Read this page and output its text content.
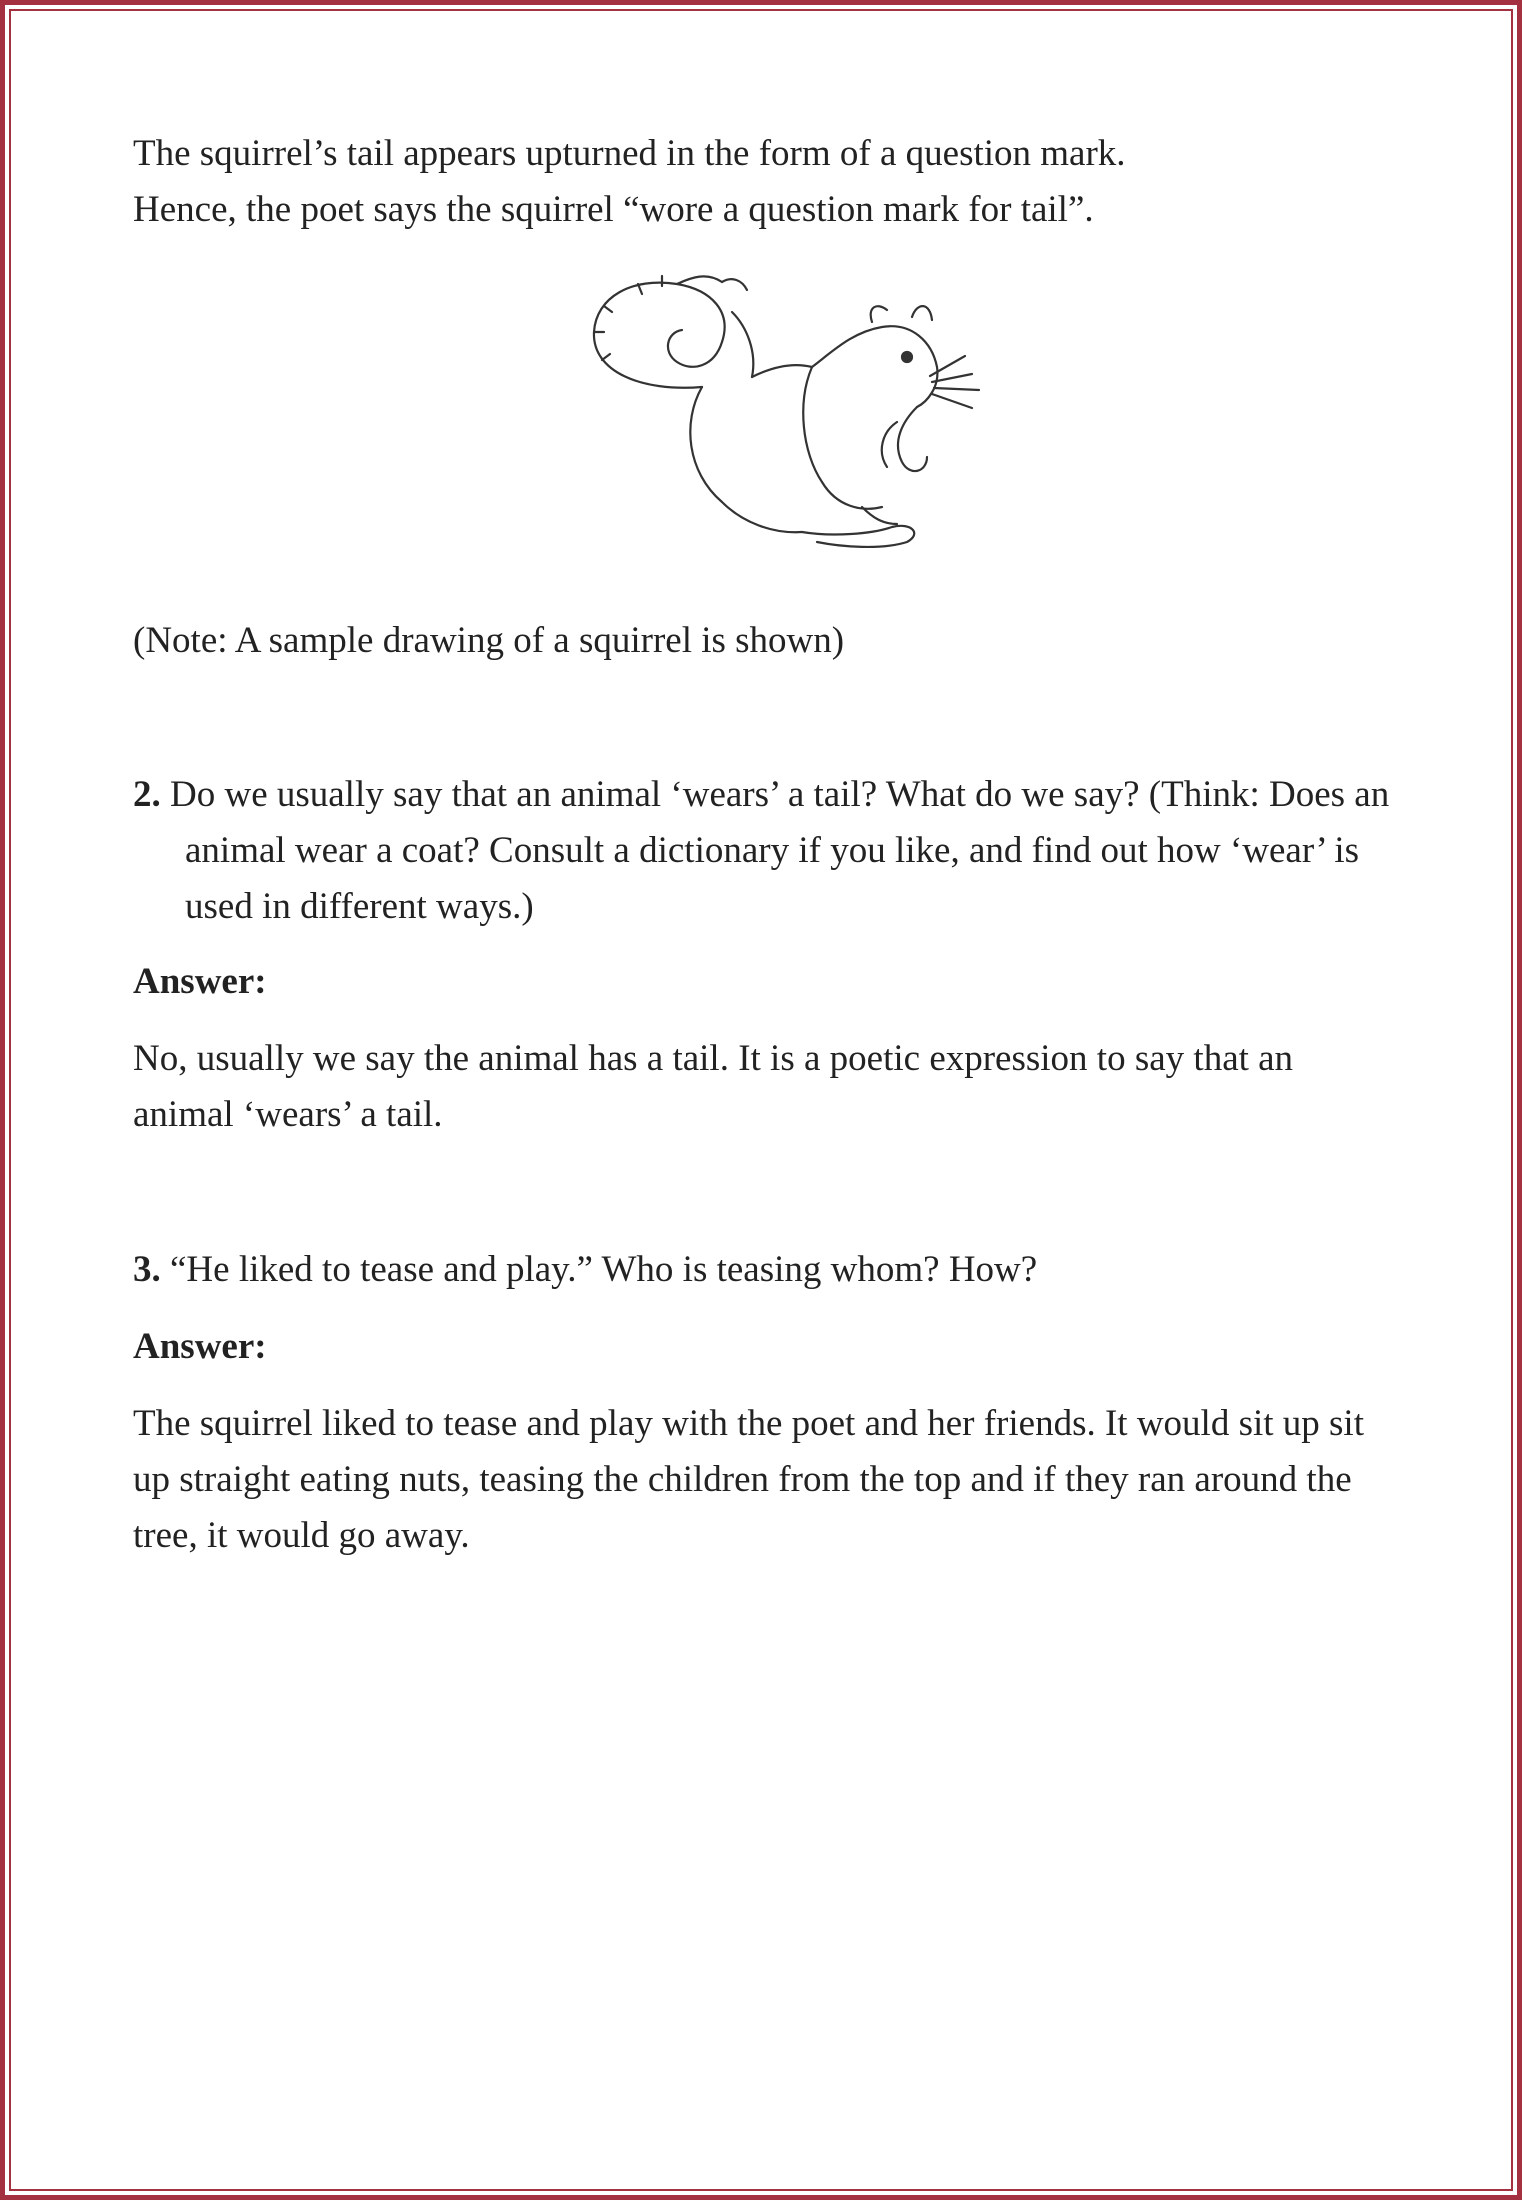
The squirrel’s tail appears upturned in the form of a question mark.
Hence, the poet says the squirrel “wore a question mark for tail”.
(Note: A sample drawing of a squirrel is shown)
2. Do we usually say that an animal ‘wears’ a tail? What do we say? (Think: Does an animal wear a coat? Consult a dictionary if you like, and find out how ‘wear’ is used in different ways.)
Answer:
No, usually we say the animal has a tail. It is a poetic expression to say that an animal ‘wears’ a tail.
3. “He liked to tease and play.” Who is teasing whom? How?
Answer:
The squirrel liked to tease and play with the poet and her friends. It would sit up sit up straight eating nuts, teasing the children from the top and if they ran around the tree, it would go away.
